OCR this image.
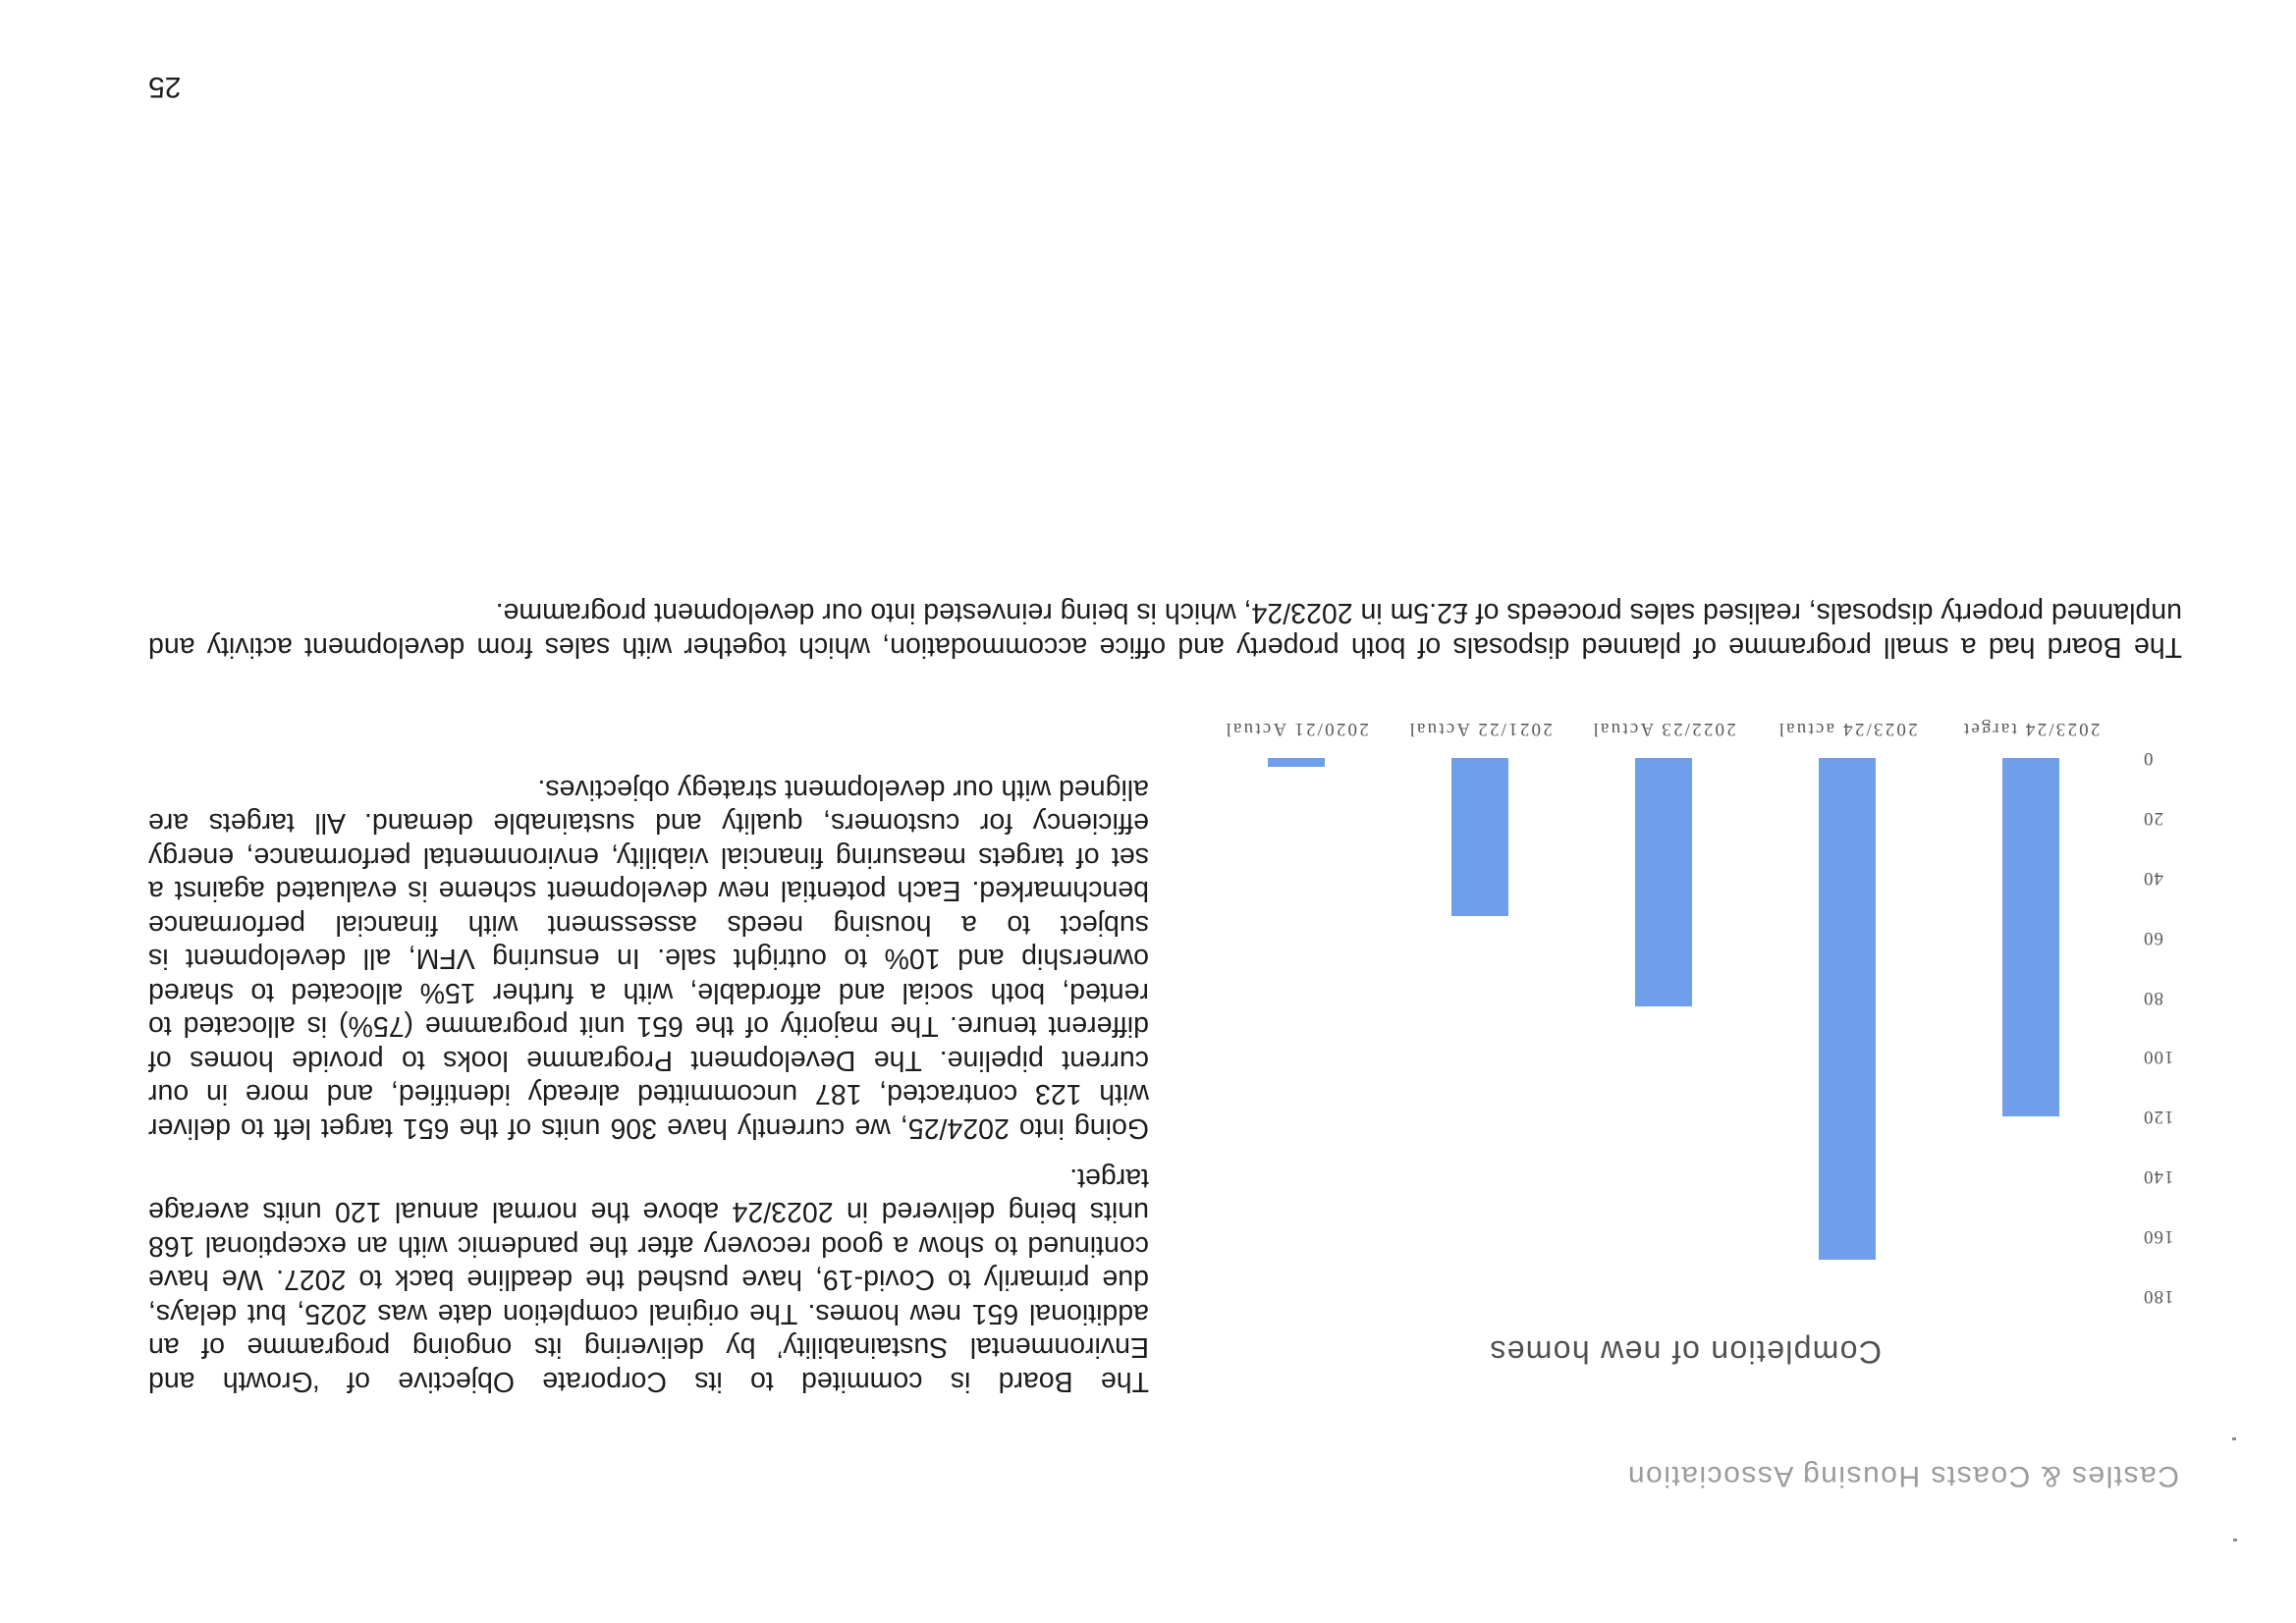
Castles & Coasts Housing Association
Completion of new homes
0
20
40
60
80
100
120
140
160
180
2023/24 target
2023/24 actual
2022/23 Actual
2021/22 Actual
2020/21 Actual
The Board is commited to its Corporate Objective of ‘Growth and
Environmental Sustainability’ by delivering its ongoing programme of an
additional 651 new homes. The original completion date was 2025, but delays,
due primarily to Covid-19, have pushed the deadline back to 2027. We have
continued to show a good recovery after the pandemic with an exceptional 168
units being delivered in 2023/24 above the normal annual 120 units average
target.
Going into 2024/25, we currently have 306 units of the 651 target left to deliver
with 123 contracted, 187 uncommitted already identified, and more in our
current pipeline. The Development Programme looks to provide homes of
different tenure. The majority of the 651 unit programme (75%) is allocated to
rented, both social and affordable, with a further 15% allocated to shared
ownership and 10% to outright sale. In ensuring VFM, all development is
subject to a housing needs assessment with financial performance
benchmarked. Each potential new development scheme is evaluated against a
set of targets measuring financial viability, environmental performance, energy
efficiency for customers, quality and sustainable demand. All targets are
aligned with our development strategy objectives.
The Board had a small programme of planned disposals of both property and office accommodation, which together with sales from development activity and
unplanned property disposals, realised sales proceeds of £2.5m in 2023/24, which is being reinvested into our development programme.
25
